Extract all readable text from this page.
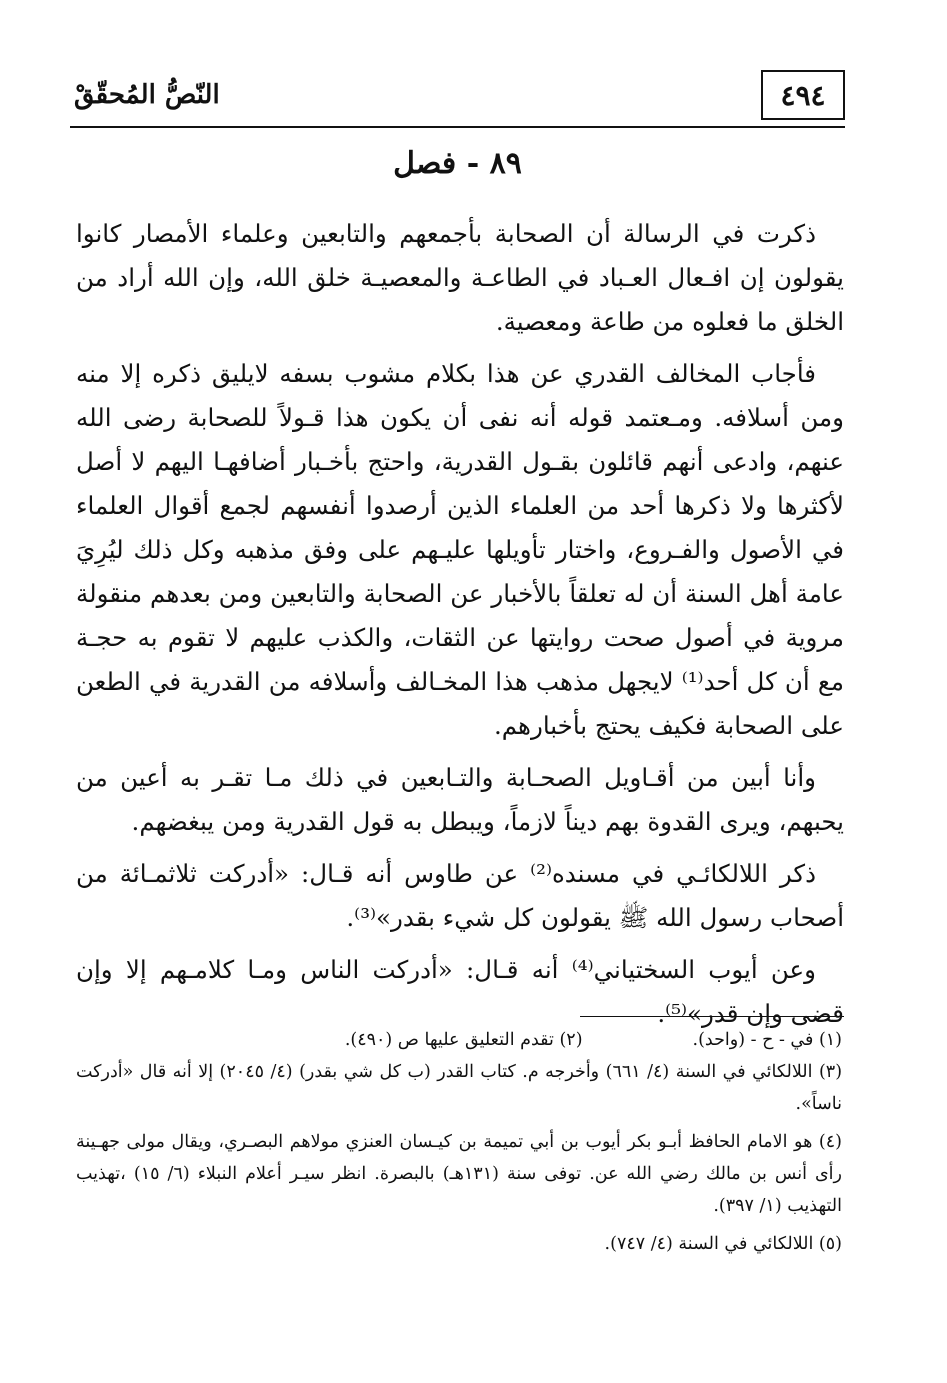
٤٩٤
النّصُّ المُحقّقْ
٨٩ - فصل

ذكرت في الرسالة أن الصحابة بأجمعهم والتابعين وعلماء الأمصار كانوا يقولون إن افـعال العـباد في الطاعـة والمعصيـة خلق الله، وإن الله أراد من الخلق ما فعلوه من طاعة ومعصية.

فأجاب المخالف القدري عن هذا بكلام مشوب بسفه لايليق ذكره إلا منه ومن أسلافه. ومـعتمد قوله أنه نفى أن يكون هذا قـولاً للصحابة رضى الله عنهم، وادعى أنهم قائلون بقـول القدرية، واحتج بأخـبار أضافهـا اليهم لا أصل لأكثرها ولا ذكرها أحد من العلماء الذين أرصدوا أنفسهم لجمع أقوال العلماء في الأصول والفـروع، واختار تأويلها عليـهم على وفق مذهبه وكل ذلك ليُرِيَ عامة أهل السنة أن له تعلقاً بالأخبار عن الصحابة والتابعين ومن بعدهم منقولة مروية في أصول صحت روايتها عن الثقات، والكذب عليهم لا تقوم به حجـة مع أن كل أحد⁽¹⁾ لايجهل مذهب هذا المخـالف وأسلافه من القدرية في الطعن على الصحابة فكيف يحتج بأخبارهم.

وأنا أبين من أقـاويل الصحـابة والتـابعين في ذلك مـا تقـر به أعين من يحبهم، ويرى القدوة بهم ديناً لازماً، ويبطل به قول القدرية ومن يبغضهم.

ذكر اللالكائـي في مسنده⁽²⁾ عن طاوس أنه قـال: «أدركت ثلاثمـائة من أصحاب رسول الله ﷺ يقولون كل شيء بقدر»⁽³⁾.

وعن أيوب السختياني⁽⁴⁾ أنه قـال: «أدركت الناس ومـا كلامـهم إلا وإن قضى وإن قدر»⁽⁵⁾.

(١) في - ح - (واحد).
(٢) تقدم التعليق عليها ص (٤٩٠).

(٣) اللالكائي في السنة (٤/ ٦٦١) وأخرجه م. كتاب القدر (ب كل شي بقدر) (٤/ ٢٠٤٥) إلا أنه قال «أدركت ناساً».

(٤) هو الامام الحافظ أبـو بكر أيوب بن أبي تميمة بن كيـسان العنزي مولاهم البصـري، ويقال مولى جهـينة رأى أنس بن مالك رضي الله عن. توفى سنة (١٣١هـ) بالبصرة. انظر سيـر أعلام النبلاء (٦/ ١٥) ،تهذيب التهذيب (١/ ٣٩٧).

(٥) اللالكائي في السنة (٤/ ٧٤٧).
